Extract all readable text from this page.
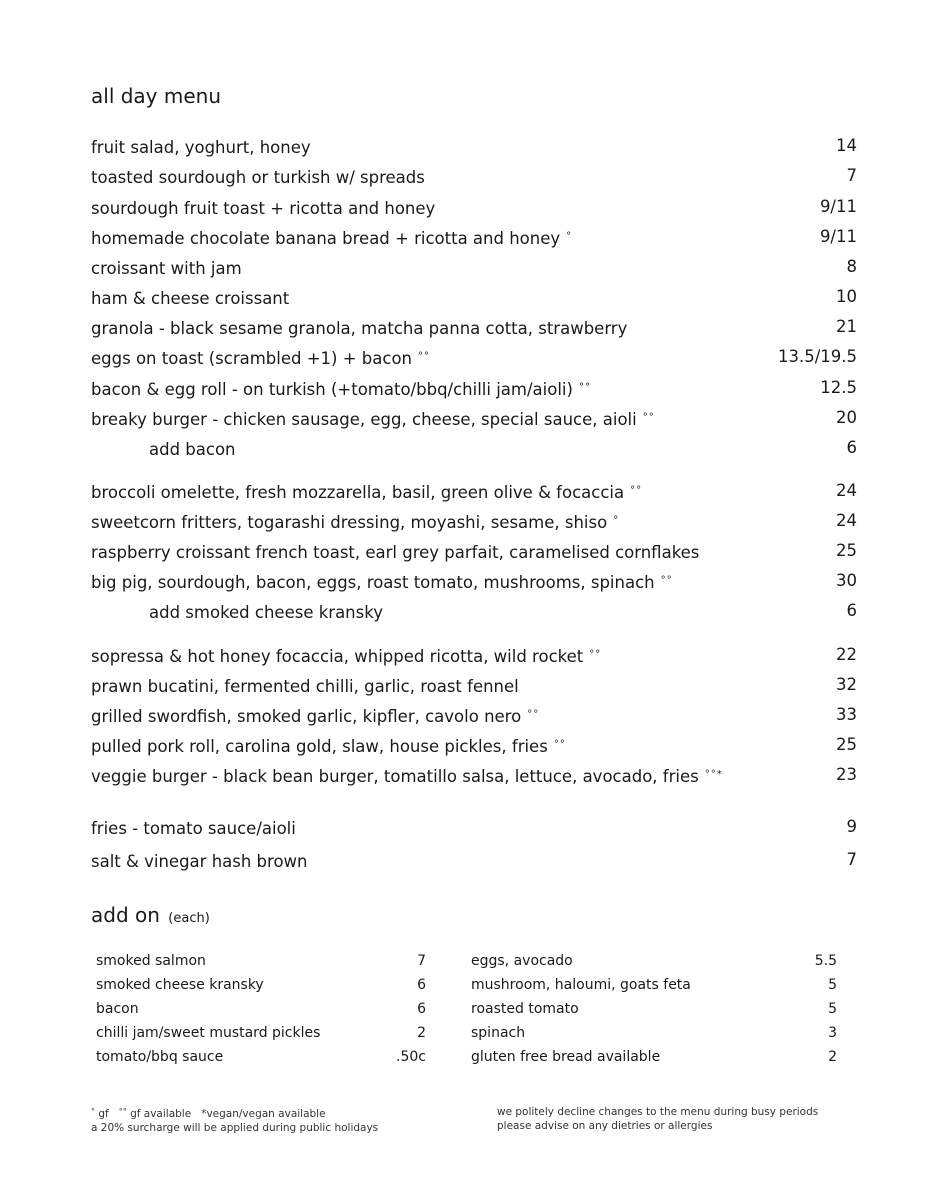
all day menu
fruit salad, yoghurt, honey	14
toasted sourdough or turkish w/ spreads	7
sourdough fruit toast + ricotta and honey	9/11
homemade chocolate banana bread + ricotta and honey °	9/11
croissant with jam	8
ham & cheese croissant	10
granola - black sesame granola, matcha panna cotta, strawberry	21
eggs on toast (scrambled +1) + bacon °°	13.5/19.5
bacon & egg roll - on turkish (+tomato/bbq/chilli jam/aioli) °°	12.5
breaky burger - chicken sausage, egg, cheese, special sauce, aioli °°	20
add bacon	6
broccoli omelette, fresh mozzarella, basil, green olive & focaccia °°	24
sweetcorn fritters, togarashi dressing, moyashi, sesame, shiso °	24
raspberry croissant french toast, earl grey parfait, caramelised cornflakes	25
big pig, sourdough, bacon, eggs, roast tomato, mushrooms, spinach °°	30
add smoked cheese kransky	6
sopressa & hot honey focaccia, whipped ricotta, wild rocket °°	22
prawn bucatini, fermented chilli, garlic, roast fennel	32
grilled swordfish, smoked garlic, kipfler, cavolo nero °°	33
pulled pork roll, carolina gold, slaw, house pickles, fries °°	25
veggie burger - black bean burger, tomatillo salsa, lettuce, avocado, fries °°*	23
fries - tomato sauce/aioli	9
salt & vinegar hash brown	7
add on (each)
smoked salmon	7
smoked cheese kransky	6
bacon	6
chilli jam/sweet mustard pickles	2
tomato/bbq sauce	.50c
eggs, avocado	5.5
mushroom, haloumi, goats feta	5
roasted tomato	5
spinach	3
gluten free bread available	2
° gf °° gf available *vegan/vegan available
a 20% surcharge will be applied during public holidays
we politely decline changes to the menu during busy periods
please advise on any dietries or allergies
